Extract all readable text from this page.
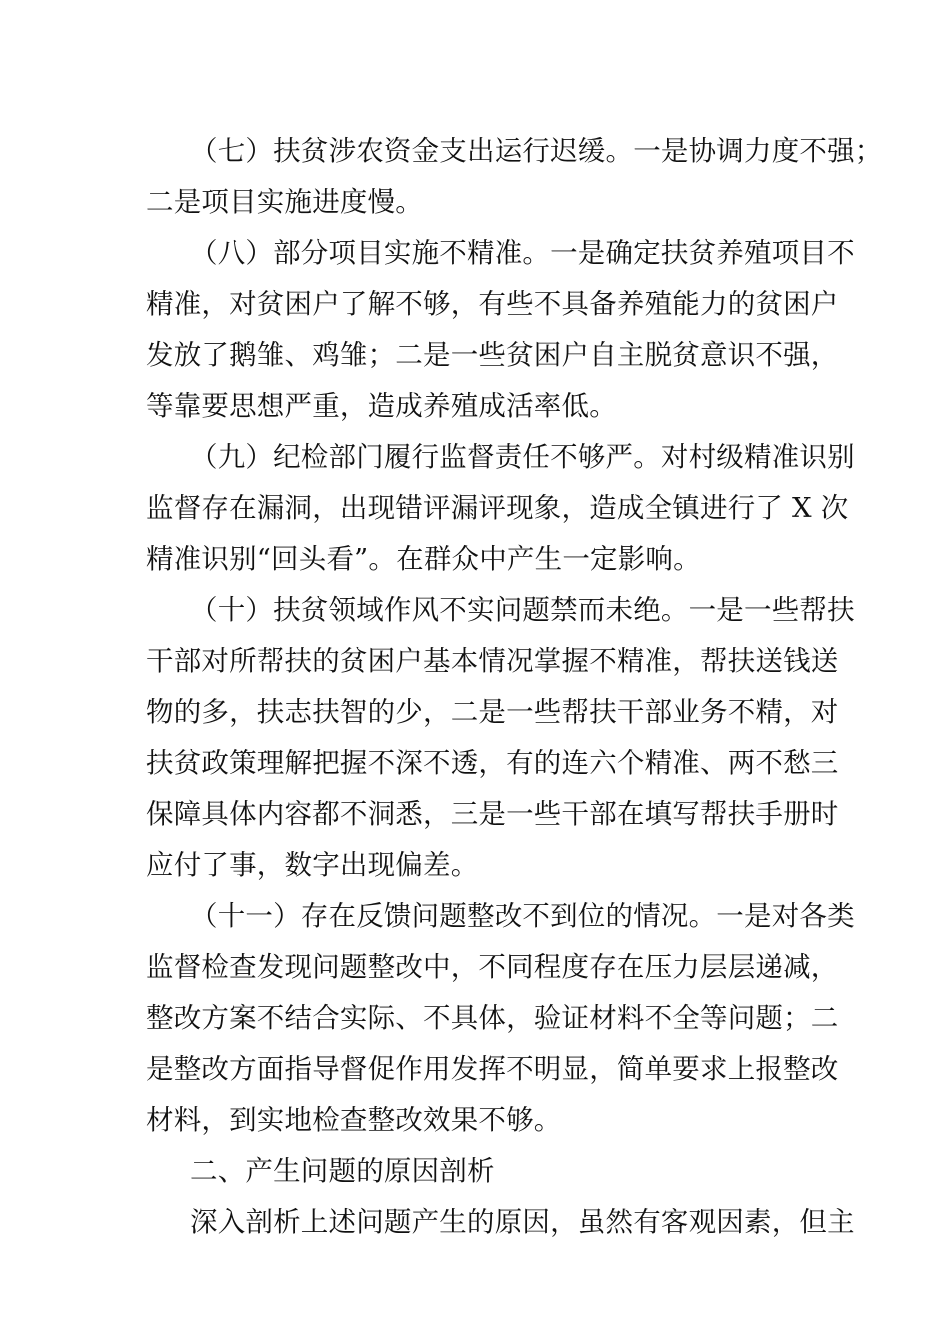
（七）扶贫涉农资金支出运行迟缓。一是协调力度不强；
二是项目实施进度慢。
（八）部分项目实施不精准。一是确定扶贫养殖项目不
精准，对贫困户了解不够，有些不具备养殖能力的贫困户
发放了鹅雏、鸡雏；二是一些贫困户自主脱贫意识不强，
等靠要思想严重，造成养殖成活率低。
（九）纪检部门履行监督责任不够严。对村级精准识别
监督存在漏洞，出现错评漏评现象，造成全镇进行了 X 次
精准识别“回头看”。在群众中产生一定影响。
（十）扶贫领域作风不实问题禁而未绝。一是一些帮扶
干部对所帮扶的贫困户基本情况掌握不精准，帮扶送钱送
物的多，扶志扶智的少，二是一些帮扶干部业务不精，对
扶贫政策理解把握不深不透，有的连六个精准、两不愁三
保障具体内容都不洞悉，三是一些干部在填写帮扶手册时
应付了事，数字出现偏差。
（十一）存在反馈问题整改不到位的情况。一是对各类
监督检查发现问题整改中，不同程度存在压力层层递减，
整改方案不结合实际、不具体，验证材料不全等问题；二
是整改方面指导督促作用发挥不明显，简单要求上报整改
材料，到实地检查整改效果不够。
二、产生问题的原因剖析
深入剖析上述问题产生的原因，虽然有客观因素，但主
